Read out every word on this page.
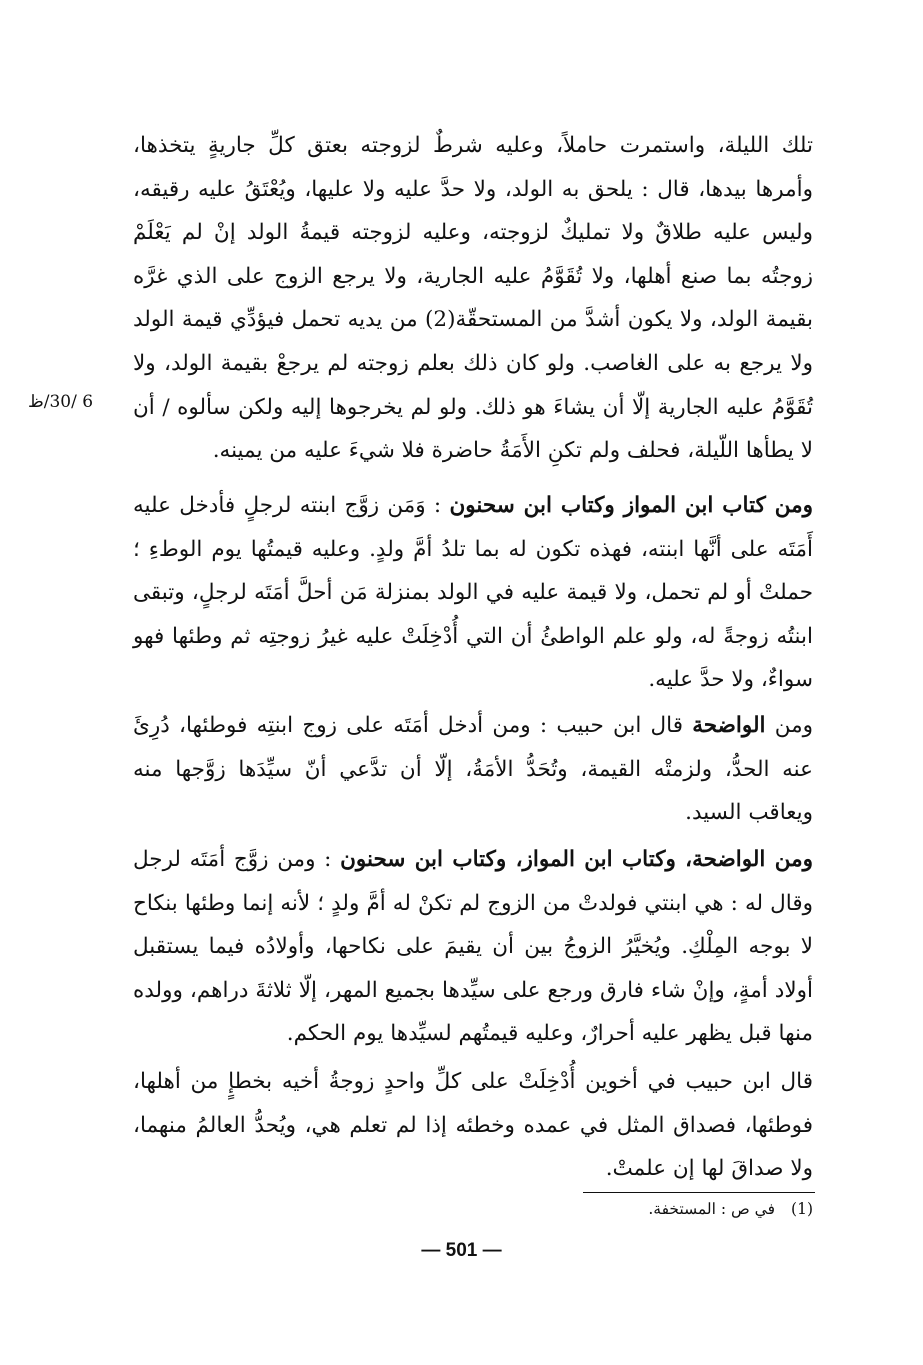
6 /30/ظ

تلك الليلة، واستمرت حاملاً، وعليه شرطٌ لزوجته بعتق كلِّ جاريةٍ يتخذها، وأمرها بيدها، قال : يلحق به الولد، ولا حدَّ عليه ولا عليها، ويُعْتَقُ عليه رقيقه، وليس عليه طلاقٌ ولا تمليكٌ لزوجته، وعليه لزوجته قيمةُ الولد إنْ لم يَعْلَمْ زوجتُه بما صنع أهلها، ولا تُقَوَّمُ عليه الجارية، ولا يرجع الزوج على الذي غرَّه بقيمة الولد، ولا يكون أشدَّ من المستحقّة(2) من يديه تحمل فيؤدِّي قيمة الولد ولا يرجع به على الغاصب. ولو كان ذلك بعلم زوجته لم يرجعْ بقيمة الولد، ولا تُقَوَّمُ عليه الجارية إلّا أن يشاءَ هو ذلك. ولو لم يخرجوها إليه ولكن سألوه / أن لا يطأها اللّيلة، فحلف ولم تكنِ الأَمَةُ حاضرة فلا شيءَ عليه من يمينه.

ومن كتاب ابن المواز وكتاب ابن سحنون : وَمَن زوَّج ابنته لرجلٍ فأدخل عليه أَمَتَه على أنَّها ابنته، فهذه تكون له بما تلدُ أمَّ ولدٍ. وعليه قيمتُها يوم الوطءِ ؛ حملتْ أو لم تحمل، ولا قيمة عليه في الولد بمنزلة مَن أحلَّ أمَتَه لرجلٍ، وتبقى ابنتُه زوجةً له، ولو علم الواطئُ أن التي أُدْخِلَتْ عليه غيرُ زوجتِه ثم وطئها فهو سواءٌ، ولا حدَّ عليه.

ومن الواضحة قال ابن حبيب : ومن أدخل أمَتَه على زوج ابنتِه فوطئها، دُرِئَ عنه الحدُّ، ولزمتْه القيمة، وتُحَدُّ الأمَةُ، إلّا أن تدَّعي أنّ سيِّدَها زوَّجها منه ويعاقب السيد.

ومن الواضحة، وكتاب ابن المواز، وكتاب ابن سحنون : ومن زوَّج أمَتَه لرجل وقال له : هي ابنتي فولدتْ من الزوج لم تكنْ له أمَّ ولدٍ ؛ لأنه إنما وطئها بنكاح لا بوجه المِلْكِ. ويُخيَّرُ الزوجُ بين أن يقيمَ على نكاحها، وأولادُه فيما يستقبل أولاد أمةٍ، وإنْ شاء فارق ورجع على سيِّدها بجميع المهر، إلّا ثلاثةَ دراهم، وولده منها قبل يظهر عليه أحرارٌ، وعليه قيمتُهم لسيِّدها يوم الحكم.

قال ابن حبيب في أخوين أُدْخِلَتْ على كلِّ واحدٍ زوجةُ أخيه بخطإٍ من أهلها، فوطئها، فصداق المثل في عمده وخطئه إذا لم تعلم هي، ويُحدُّ العالمُ منهما، ولا صداقَ لها إن علمتْ.

(1)في ص : المستخفة.
— 501 —
